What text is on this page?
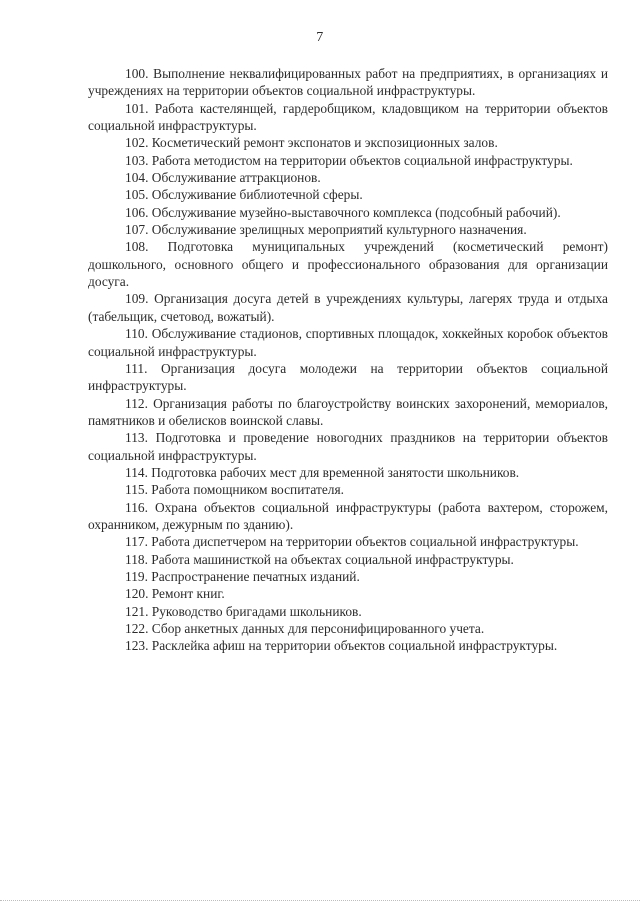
7

100. Выполнение неквалифицированных работ на предприятиях, в организациях и учреждениях на территории объектов социальной инфраструктуры.

101. Работа кастелянщей, гардеробщиком, кладовщиком на территории объектов социальной инфраструктуры.

102. Косметический ремонт экспонатов и экспозиционных залов.

103. Работа методистом на территории объектов социальной инфраструктуры.

104. Обслуживание аттракционов.

105. Обслуживание библиотечной сферы.

106. Обслуживание музейно-выставочного комплекса (подсобный рабочий).

107. Обслуживание зрелищных мероприятий культурного назначения.

108. Подготовка муниципальных учреждений (косметический ремонт) дошкольного, основного общего и профессионального образования для организации досуга.

109. Организация досуга детей в учреждениях культуры, лагерях труда и отдыха (табельщик, счетовод, вожатый).

110. Обслуживание стадионов, спортивных площадок, хоккейных коробок объектов социальной инфраструктуры.

111. Организация досуга молодежи на территории объектов социальной инфраструктуры.

112. Организация работы по благоустройству воинских захоронений, мемориалов, памятников и обелисков воинской славы.

113. Подготовка и проведение новогодних праздников на территории объектов социальной инфраструктуры.

114. Подготовка рабочих мест для временной занятости школьников.

115. Работа помощником воспитателя.

116. Охрана объектов социальной инфраструктуры (работа вахтером, сторожем, охранником, дежурным по зданию).

117. Работа диспетчером на территории объектов социальной инфраструктуры.

118. Работа машинисткой на объектах социальной инфраструктуры.

119. Распространение печатных изданий.

120. Ремонт книг.

121. Руководство бригадами школьников.

122. Сбор анкетных данных для персонифицированного учета.

123. Расклейка афиш на территории объектов социальной инфраструктуры.
